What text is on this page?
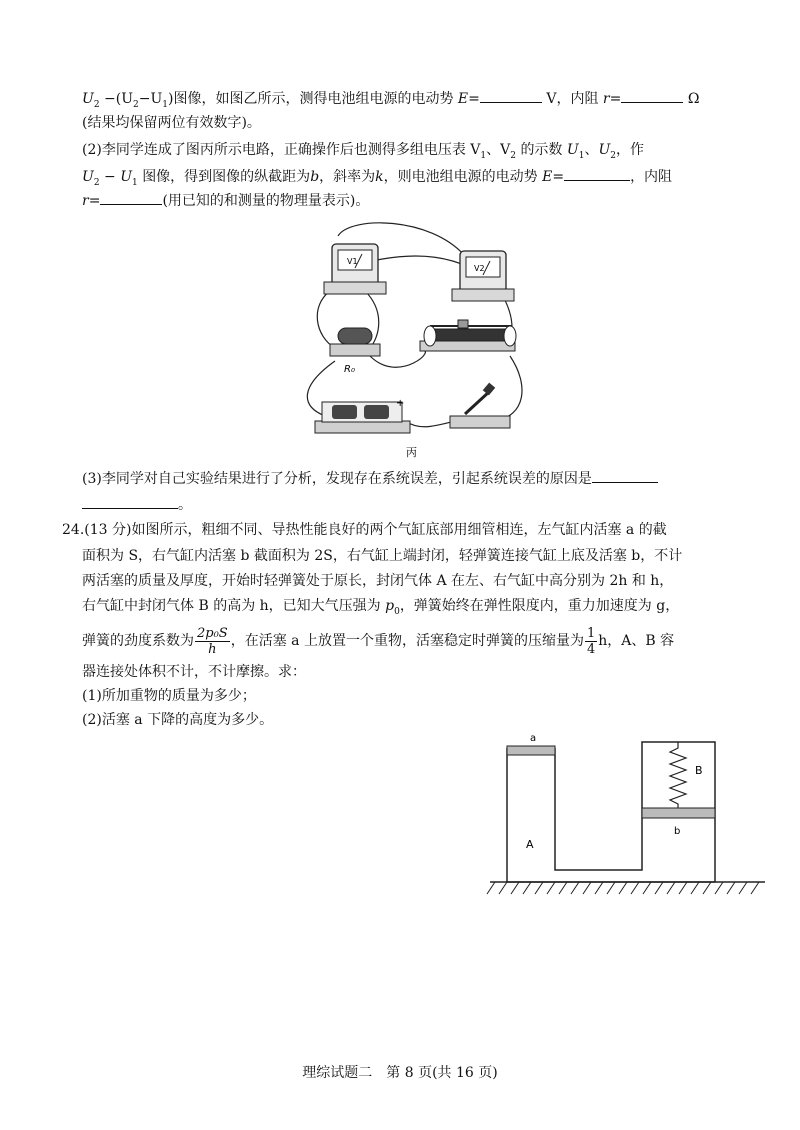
$U_2 -(U_2-U_1)$图像，如图乙所示，测得电池组电源的电动势 E=	V，内阻 r=	Ω
(结果均保留两位有效数字)。
(2)李同学连成了图丙所示电路，正确操作后也测得多组电压表 $V_1$、$V_2$ 的示数 $U_1$、$U_2$，作
$U_2 - U_1$ 图像，得到图像的纵截距为b，斜率为k，则电池组电源的电动势 E=	，内阻
r=	(用已知的和测量的物理量表示)。
V1
V2
R₀
+
丙
(3)李同学对自己实验结果进行了分析，发现存在系统误差，引起系统误差的原因是
。
24.(13 分)如图所示，粗细不同、导热性能良好的两个气缸底部用细管相连，左气缸内活塞 a 的截
面积为 S，右气缸内活塞 b 截面积为 2S，右气缸上端封闭，轻弹簧连接气缸上底及活塞 b，不计
两活塞的质量及厚度，开始时轻弹簧处于原长，封闭气体 A 在左、右气缸中高分别为 2h 和 h，
右气缸中封闭气体 B 的高为 h，已知大气压强为 $p_0$，弹簧始终在弹性限度内，重力加速度为 g，
弹簧的劲度系数为 $\frac{\text{2p₀S}}{h}$ ，在活塞 a 上放置一个重物，活塞稳定时弹簧的压缩量为 $\frac{1}{4}$ h，A、B 容
器连接处体积不计，不计摩擦。求：
(1)所加重物的质量为多少；
(2)活塞 a 下降的高度为多少。
a
b
B
A
理综试题二　第 8 页(共 16 页)
